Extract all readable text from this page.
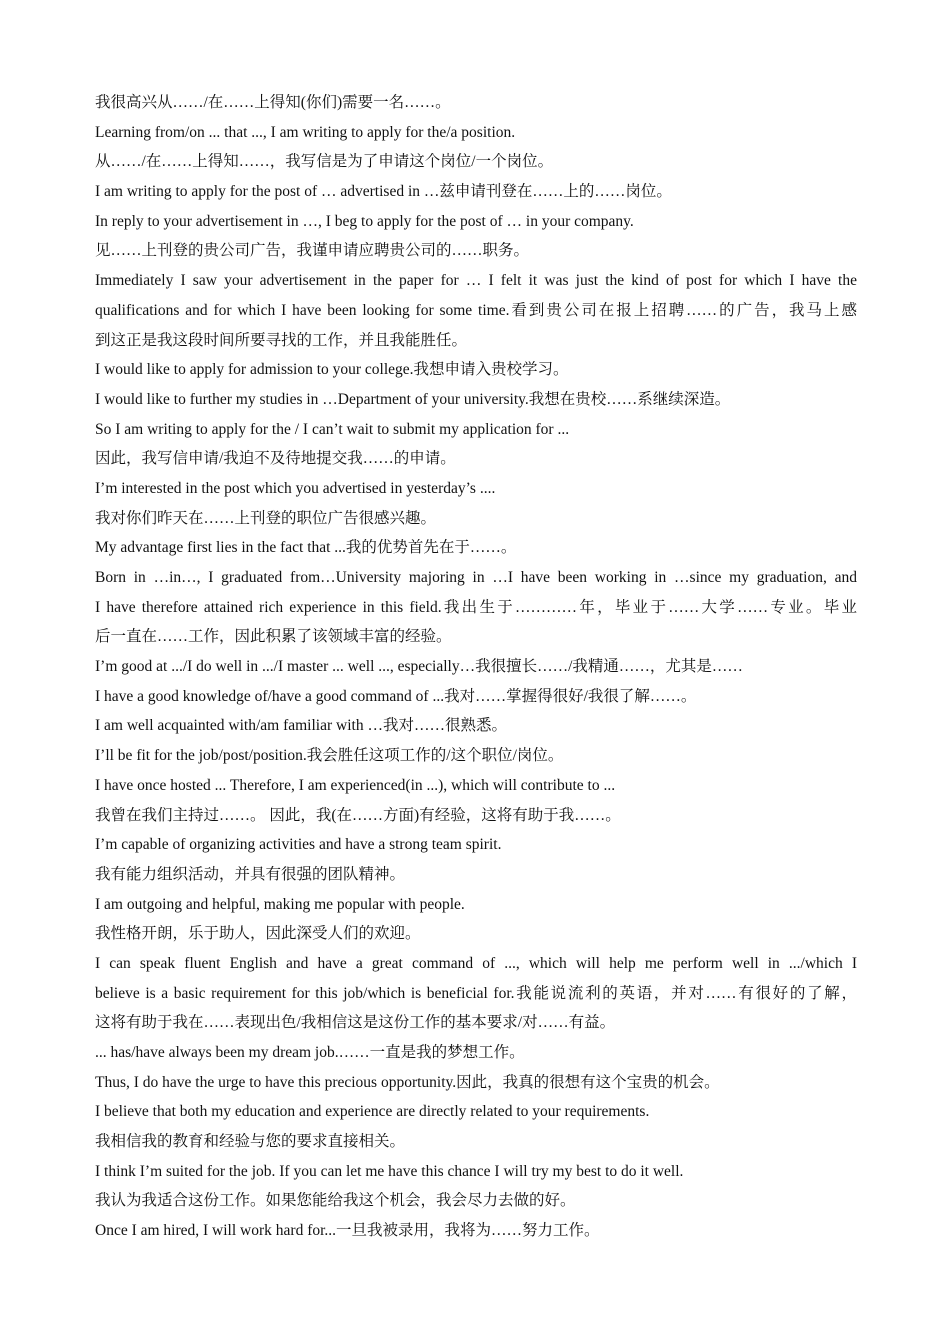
我很高兴从……/在……上得知(你们)需要一名……。
Learning from/on ... that ..., I am writing to apply for the/a position.
从……/在……上得知……，我写信是为了申请这个岗位/一个岗位。
I am writing to apply for the post of … advertised in …兹申请刊登在……上的……岗位。
In reply to your advertisement in …, I beg to apply for the post of … in your company.
见……上刊登的贵公司广告，我谨申请应聘贵公司的……职务。
Immediately I saw your advertisement in the paper for … I felt it was just the kind of post for which I have the
qualifications and for which I have been looking for some time.看到贵公司在报上招聘……的广告，我马上感
到这正是我这段时间所要寻找的工作，并且我能胜任。
I would like to apply for admission to your college.我想申请入贵校学习。
I would like to further my studies in …Department of your university.我想在贵校……系继续深造。
So I am writing to apply for the / I can’t wait to submit my application for ...
因此，我写信申请/我迫不及待地提交我……的申请。
I’m interested in the post which you advertised in yesterday’s ....
我对你们昨天在……上刊登的职位广告很感兴趣。
My advantage first lies in the fact that ...我的优势首先在于……。
Born in …in…, I graduated from…University majoring in …I have been working in …since my graduation, and
I have therefore attained rich experience in this field.我出生于…………年，毕业于……大学……专业。毕业
后一直在……工作，因此积累了该领域丰富的经验。
I’m good at .../I do well in .../I master ... well ..., especially…我很擅长……/我精通……，尤其是……
I have a good knowledge of/have a good command of ...我对……掌握得很好/我很了解……。
I am well acquainted with/am familiar with …我对……很熟悉。
I’ll be fit for the job/post/position.我会胜任这项工作的/这个职位/岗位。
I have once hosted ... Therefore, I am experienced(in ...), which will contribute to ...
我曾在我们主持过……。 因此，我(在……方面)有经验，这将有助于我……。
I’m capable of organizing activities and have a strong team spirit.
我有能力组织活动，并具有很强的团队精神。
I am outgoing and helpful, making me popular with people.
我性格开朗，乐于助人，因此深受人们的欢迎。
I can speak fluent English and have a great command of ..., which will help me perform well in .../which I
believe is a basic requirement for this job/which is beneficial for.我能说流利的英语，并对……有很好的了解，
这将有助于我在……表现出色/我相信这是这份工作的基本要求/对……有益。
... has/have always been my dream job.……一直是我的梦想工作。
Thus, I do have the urge to have this precious opportunity.因此，我真的很想有这个宝贵的机会。
I believe that both my education and experience are directly related to your requirements.
我相信我的教育和经验与您的要求直接相关。
I think I’m suited for the job. If you can let me have this chance I will try my best to do it well.
我认为我适合这份工作。如果您能给我这个机会，我会尽力去做的好。
Once I am hired, I will work hard for...一旦我被录用，我将为……努力工作。
